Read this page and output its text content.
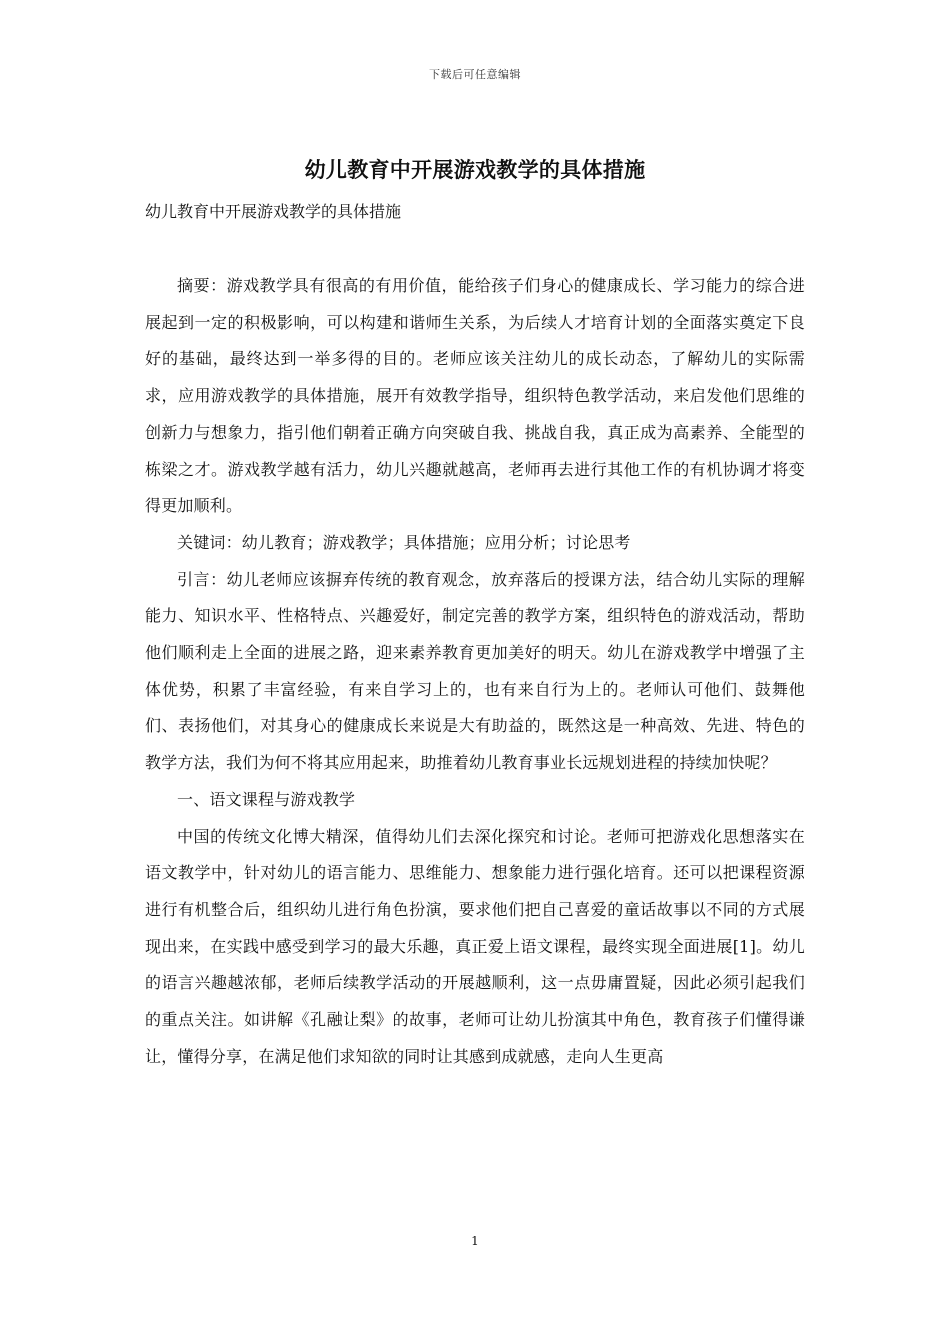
下载后可任意编辑
幼儿教育中开展游戏教学的具体措施
幼儿教育中开展游戏教学的具体措施

摘要：游戏教学具有很高的有用价值，能给孩子们身心的健康成长、学习能力的综合进展起到一定的积极影响，可以构建和谐师生关系，为后续人才培育计划的全面落实奠定下良好的基础，最终达到一举多得的目的。老师应该关注幼儿的成长动态，了解幼儿的实际需求，应用游戏教学的具体措施，展开有效教学指导，组织特色教学活动，来启发他们思维的创新力与想象力，指引他们朝着正确方向突破自我、挑战自我，真正成为高素养、全能型的栋梁之才。游戏教学越有活力，幼儿兴趣就越高，老师再去进行其他工作的有机协调才将变得更加顺利。

关键词：幼儿教育；游戏教学；具体措施；应用分析；讨论思考

引言：幼儿老师应该摒弃传统的教育观念，放弃落后的授课方法，结合幼儿实际的理解能力、知识水平、性格特点、兴趣爱好，制定完善的教学方案，组织特色的游戏活动，帮助他们顺利走上全面的进展之路，迎来素养教育更加美好的明天。幼儿在游戏教学中增强了主体优势，积累了丰富经验，有来自学习上的，也有来自行为上的。老师认可他们、鼓舞他们、表扬他们，对其身心的健康成长来说是大有助益的，既然这是一种高效、先进、特色的教学方法，我们为何不将其应用起来，助推着幼儿教育事业长远规划进程的持续加快呢？

一、语文课程与游戏教学

中国的传统文化博大精深，值得幼儿们去深化探究和讨论。老师可把游戏化思想落实在语文教学中，针对幼儿的语言能力、思维能力、想象能力进行强化培育。还可以把课程资源进行有机整合后，组织幼儿进行角色扮演，要求他们把自己喜爱的童话故事以不同的方式展现出来，在实践中感受到学习的最大乐趣，真正爱上语文课程，最终实现全面进展[1]。幼儿的语言兴趣越浓郁，老师后续教学活动的开展越顺利，这一点毋庸置疑，因此必须引起我们的重点关注。如讲解《孔融让梨》的故事，老师可让幼儿扮演其中角色，教育孩子们懂得谦让，懂得分享，在满足他们求知欲的同时让其感到成就感，走向人生更高

1
